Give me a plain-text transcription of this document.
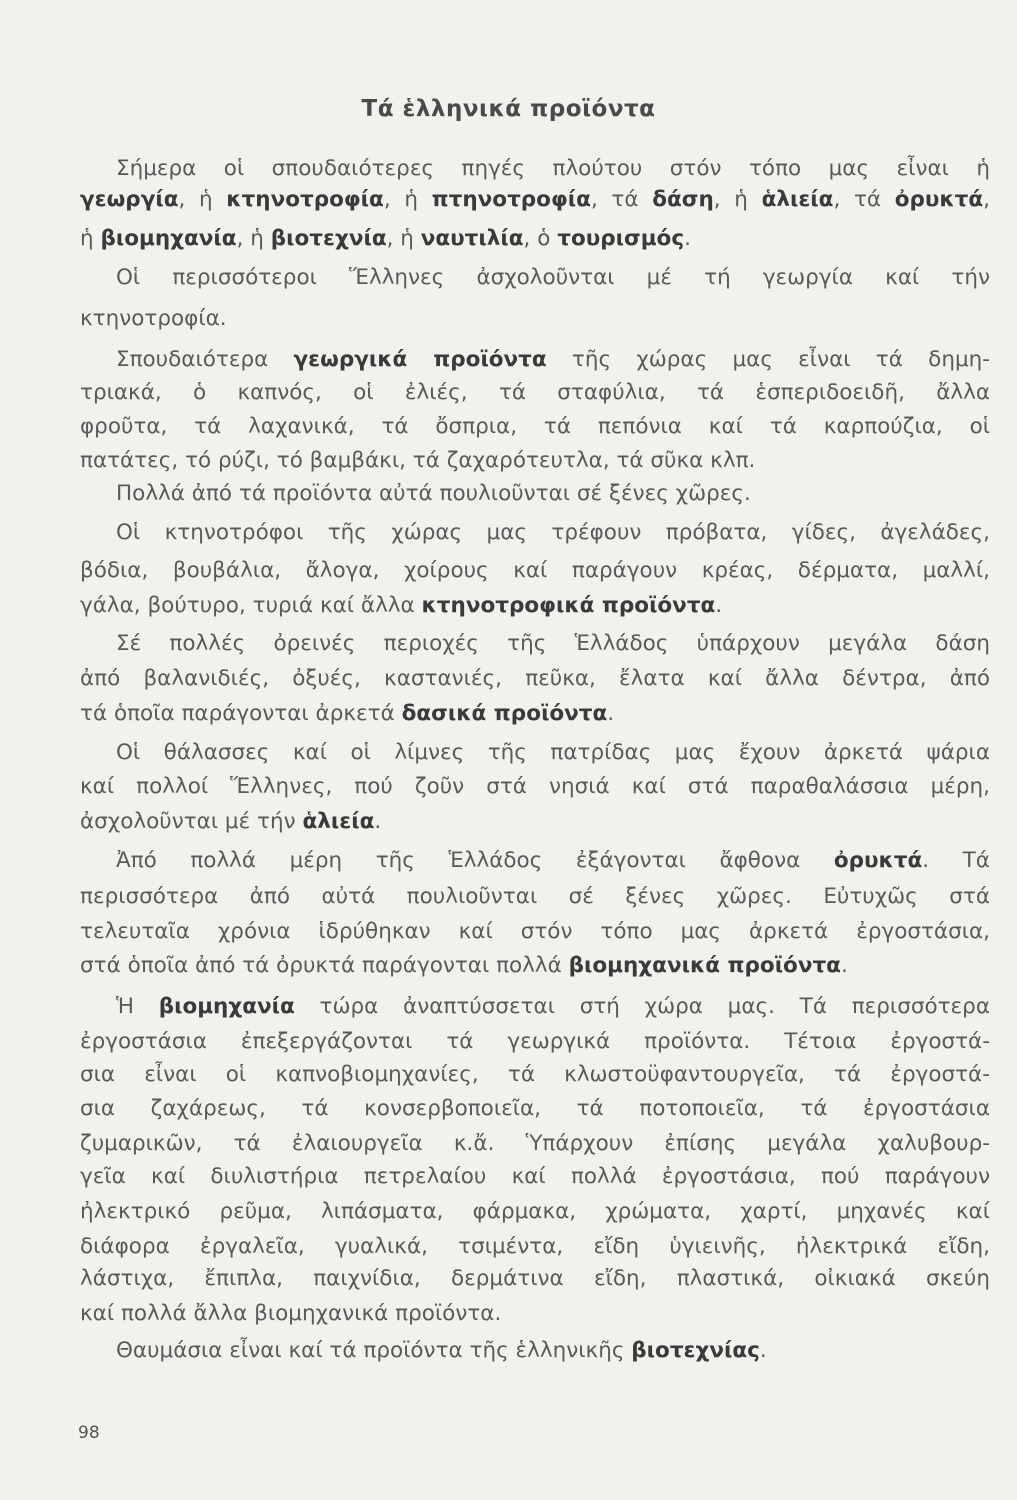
Τά ἑλληνικά προϊόντα
Σήμερα οἱ σπουδαιότερες πηγές πλούτου στόν τόπο μας εἶναι ἡ
γεωργία, ἡ κτηνοτροφία, ἡ πτηνοτροφία, τά δάση, ἡ ἁλιεία, τά ὀρυκτά,
ἡ βιομηχανία, ἡ βιοτεχνία, ἡ ναυτιλία, ὁ τουρισμός.
Οἱ περισσότεροι Ἕλληνες ἀσχολοῦνται μέ τή γεωργία καί τήν
κτηνοτροφία.
Σπουδαιότερα γεωργικά προϊόντα τῆς χώρας μας εἶναι τά δημη-
τριακά, ὁ καπνός, οἱ ἐλιές, τά σταφύλια, τά ἑσπεριδοειδῆ, ἄλλα
φροῦτα, τά λαχανικά, τά ὄσπρια, τά πεπόνια καί τά καρπούζια, οἱ
πατάτες, τό ρύζι, τό βαμβάκι, τά ζαχαρότευτλα, τά σῦκα κλπ.
Πολλά ἀπό τά προϊόντα αὐτά πουλιοῦνται σέ ξένες χῶρες.
Οἱ κτηνοτρόφοι τῆς χώρας μας τρέφουν πρόβατα, γίδες, ἀγελάδες,
βόδια, βουβάλια, ἄλογα, χοίρους καί παράγουν κρέας, δέρματα, μαλλί,
γάλα, βούτυρο, τυριά καί ἄλλα κτηνοτροφικά προϊόντα.
Σέ πολλές ὀρεινές περιοχές τῆς Ἑλλάδος ὑπάρχουν μεγάλα δάση
ἀπό βαλανιδιές, ὀξυές, καστανιές, πεῦκα, ἔλατα καί ἄλλα δέντρα, ἀπό
τά ὁποῖα παράγονται ἀρκετά δασικά προϊόντα.
Οἱ θάλασσες καί οἱ λίμνες τῆς πατρίδας μας ἔχουν ἀρκετά ψάρια
καί πολλοί Ἕλληνες, πού ζοῦν στά νησιά καί στά παραθαλάσσια μέρη,
ἀσχολοῦνται μέ τήν ἁλιεία.
Ἀπό πολλά μέρη τῆς Ἑλλάδος ἐξάγονται ἄφθονα ὀρυκτά. Τά
περισσότερα ἀπό αὐτά πουλιοῦνται σέ ξένες χῶρες. Εὐτυχῶς στά
τελευταῖα χρόνια ἱδρύθηκαν καί στόν τόπο μας ἀρκετά ἐργοστάσια,
στά ὁποῖα ἀπό τά ὀρυκτά παράγονται πολλά βιομηχανικά προϊόντα.
Ἡ βιομηχανία τώρα ἀναπτύσσεται στή χώρα μας. Τά περισσότερα
ἐργοστάσια ἐπεξεργάζονται τά γεωργικά προϊόντα. Τέτοια ἐργοστά-
σια εἶναι οἱ καπνοβιομηχανίες, τά κλωστοϋφαντουργεῖα, τά ἐργοστά-
σια ζαχάρεως, τά κονσερβοποιεῖα, τά ποτοποιεῖα, τά ἐργοστάσια
ζυμαρικῶν, τά ἐλαιουργεῖα κ.ἄ. Ὑπάρχουν ἐπίσης μεγάλα χαλυβουρ-
γεῖα καί διυλιστήρια πετρελαίου καί πολλά ἐργοστάσια, πού παράγουν
ἠλεκτρικό ρεῦμα, λιπάσματα, φάρμακα, χρώματα, χαρτί, μηχανές καί
διάφορα ἐργαλεῖα, γυαλικά, τσιμέντα, εἴδη ὑγιεινῆς, ἠλεκτρικά εἴδη,
λάστιχα, ἔπιπλα, παιχνίδια, δερμάτινα εἴδη, πλαστικά, οἰκιακά σκεύη
καί πολλά ἄλλα βιομηχανικά προϊόντα.
Θαυμάσια εἶναι καί τά προϊόντα τῆς ἑλληνικῆς βιοτεχνίας.
98
